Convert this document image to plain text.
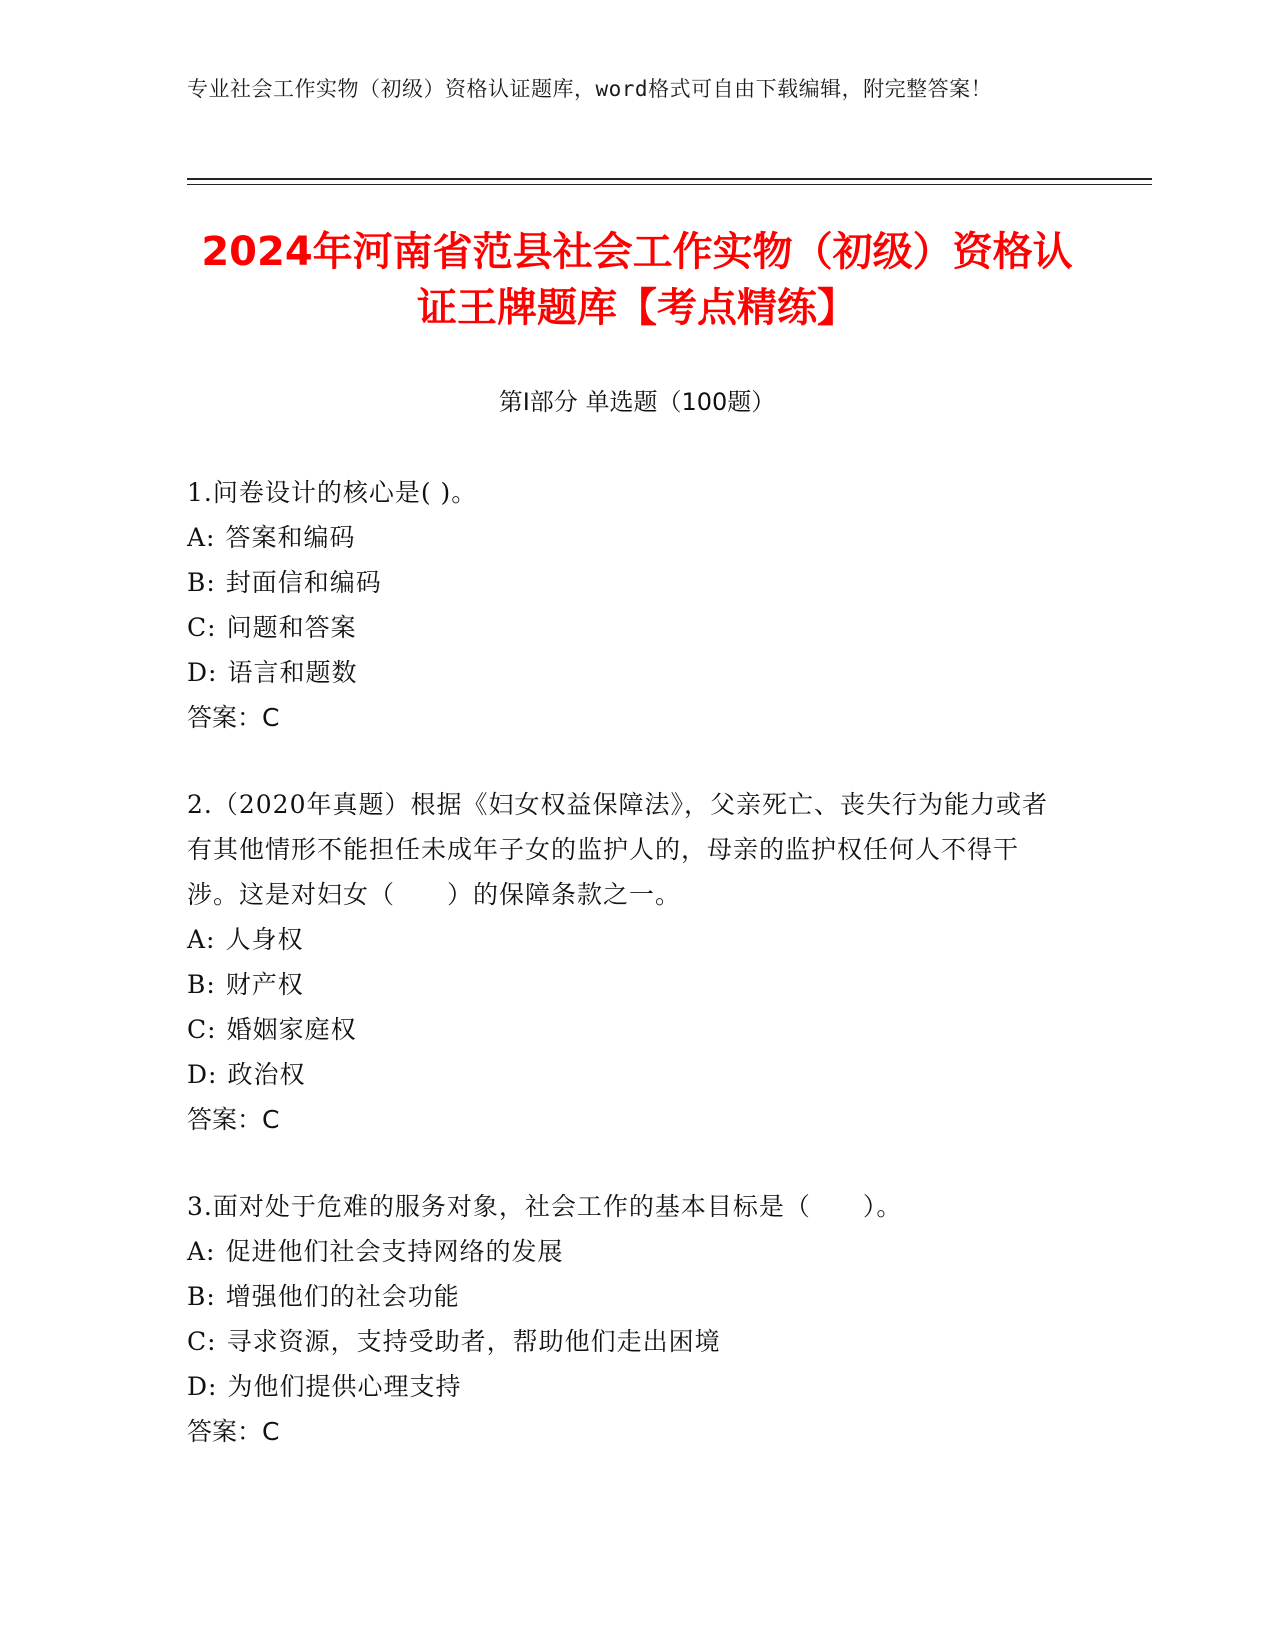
专业社会工作实物（初级）资格认证题库，word格式可自由下载编辑，附完整答案！
2024年河南省范县社会工作实物（初级）资格认证王牌题库【考点精练】
第Ⅰ部分 单选题（100题）

1.问卷设计的核心是( )。

A: 答案和编码
B: 封面信和编码
C: 问题和答案
D: 语言和题数

答案：C

2.（2020年真题）根据《妇女权益保障法》，父亲死亡、丧失行为能力或者有其他情形不能担任未成年子女的监护人的，母亲的监护权任何人不得干涉。这是对妇女（　　）的保障条款之一。

A: 人身权
B: 财产权
C: 婚姻家庭权
D: 政治权

答案：C

3.面对处于危难的服务对象，社会工作的基本目标是（　　）。

A: 促进他们社会支持网络的发展
B: 增强他们的社会功能
C: 寻求资源，支持受助者，帮助他们走出困境
D: 为他们提供心理支持

答案：C
